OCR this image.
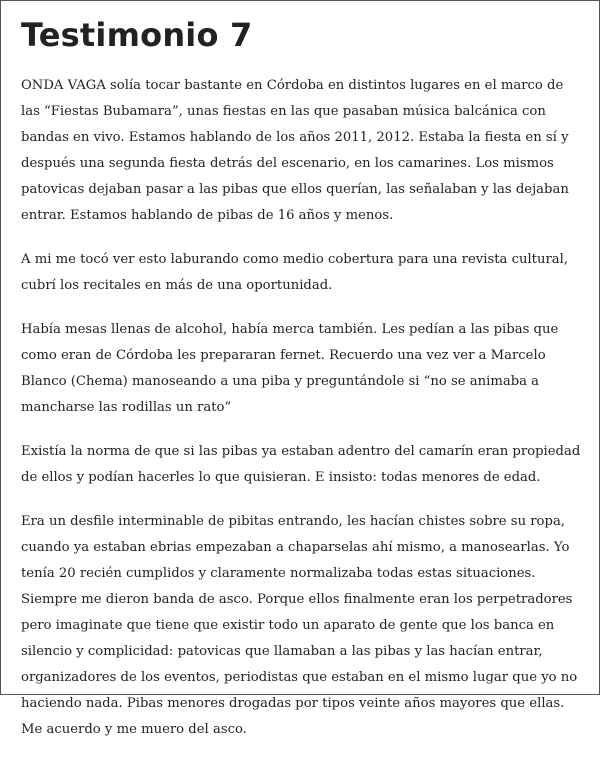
Testimonio 7

ONDA VAGA solía tocar bastante en Córdoba en distintos lugares en el marco de las “Fiestas Bubamara”, unas fiestas en las que pasaban música balcánica con bandas en vivo. Estamos hablando de los años 2011, 2012. Estaba la fiesta en sí y después una segunda fiesta detrás del escenario, en los camarines. Los mismos patovicas dejaban pasar a las pibas que ellos querían, las señalaban y las dejaban entrar. Estamos hablando de pibas de 16 años y menos.

A mi me tocó ver esto laburando como medio cobertura para una revista cultural, cubrí los recitales en más de una oportunidad.

Había mesas llenas de alcohol, había merca también. Les pedían a las pibas que como eran de Córdoba les prepararan fernet. Recuerdo una vez ver a Marcelo Blanco (Chema) manoseando a una piba y preguntándole si “no se animaba a mancharse las rodillas un rato”

Existía la norma de que si las pibas ya estaban adentro del camarín eran propiedad de ellos y podían hacerles lo que quisieran. E insisto: todas menores de edad.

Era un desfile interminable de pibitas entrando, les hacían chistes sobre su ropa, cuando ya estaban ebrias empezaban a chaparselas ahí mismo, a manosearlas. Yo tenía 20 recién cumplidos y claramente normalizaba todas estas situaciones. Siempre me dieron banda de asco. Porque ellos finalmente eran los perpetradores pero imaginate que tiene que existir todo un aparato de gente que los banca en silencio y complicidad: patovicas que llamaban a las pibas y las hacían entrar, organizadores de los eventos, periodistas que estaban en el mismo lugar que yo no haciendo nada. Pibas menores drogadas por tipos veinte años mayores que ellas. Me acuerdo y me muero del asco.
